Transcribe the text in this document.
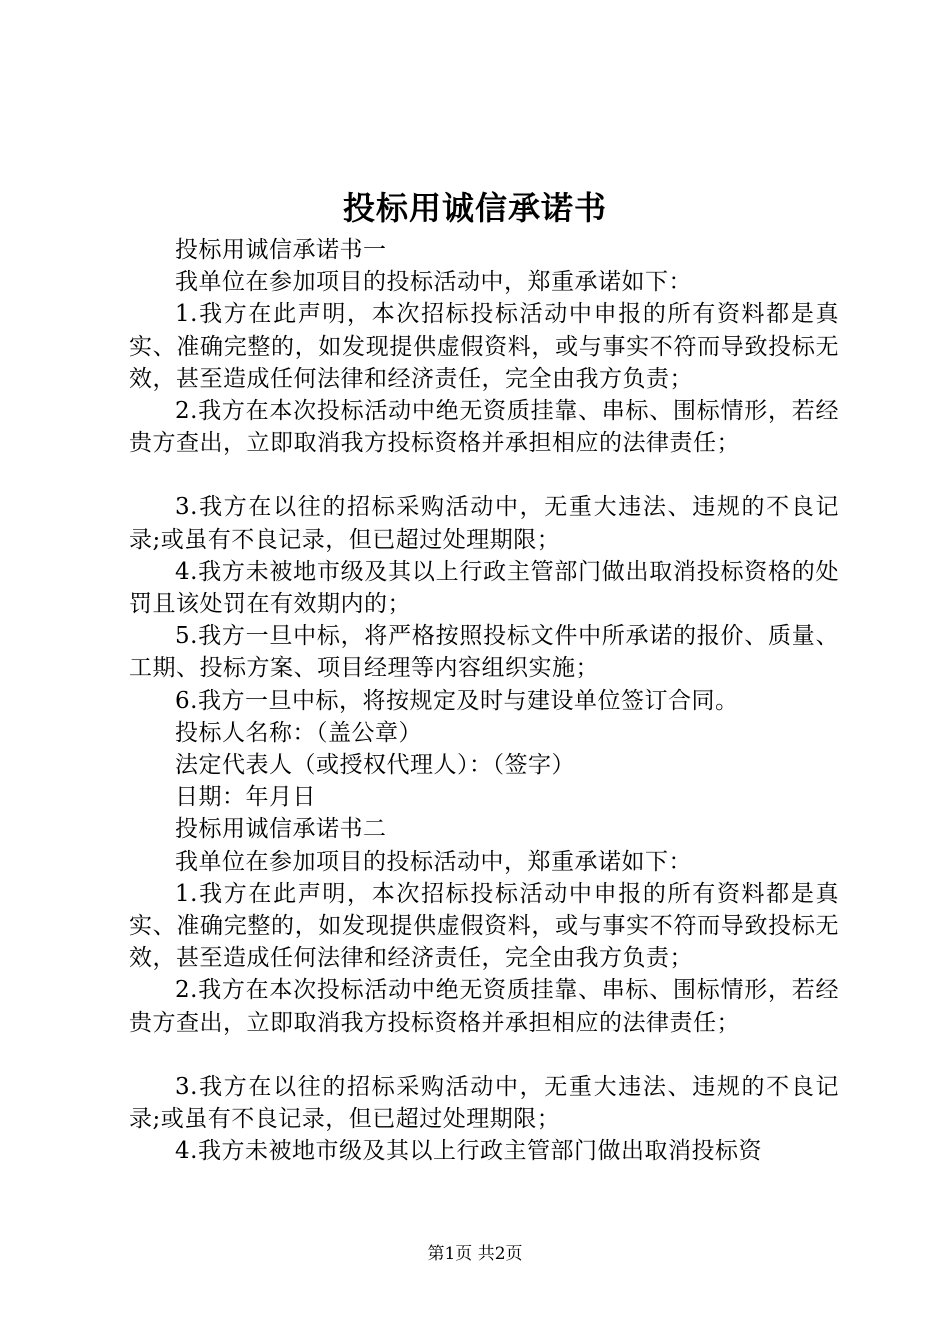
投标用诚信承诺书

投标用诚信承诺书一

我单位在参加项目的投标活动中，郑重承诺如下：

1.我方在此声明，本次招标投标活动中申报的所有资料都是真实、准确完整的，如发现提供虚假资料，或与事实不符而导致投标无效，甚至造成任何法律和经济责任，完全由我方负责；

2.我方在本次投标活动中绝无资质挂靠、串标、围标情形，若经贵方查出，立即取消我方投标资格并承担相应的法律责任；

3.我方在以往的招标采购活动中，无重大违法、违规的不良记录;或虽有不良记录，但已超过处理期限；

4.我方未被地市级及其以上行政主管部门做出取消投标资格的处罚且该处罚在有效期内的；

5.我方一旦中标，将严格按照投标文件中所承诺的报价、质量、工期、投标方案、项目经理等内容组织实施；

6.我方一旦中标，将按规定及时与建设单位签订合同。

投标人名称：（盖公章）

法定代表人（或授权代理人）：（签字）

日期：年月日

投标用诚信承诺书二

我单位在参加项目的投标活动中，郑重承诺如下：

1.我方在此声明，本次招标投标活动中申报的所有资料都是真实、准确完整的，如发现提供虚假资料，或与事实不符而导致投标无效，甚至造成任何法律和经济责任，完全由我方负责；

2.我方在本次投标活动中绝无资质挂靠、串标、围标情形，若经贵方查出，立即取消我方投标资格并承担相应的法律责任；

3.我方在以往的招标采购活动中，无重大违法、违规的不良记录;或虽有不良记录，但已超过处理期限；

4.我方未被地市级及其以上行政主管部门做出取消投标资

第1页 共2页
